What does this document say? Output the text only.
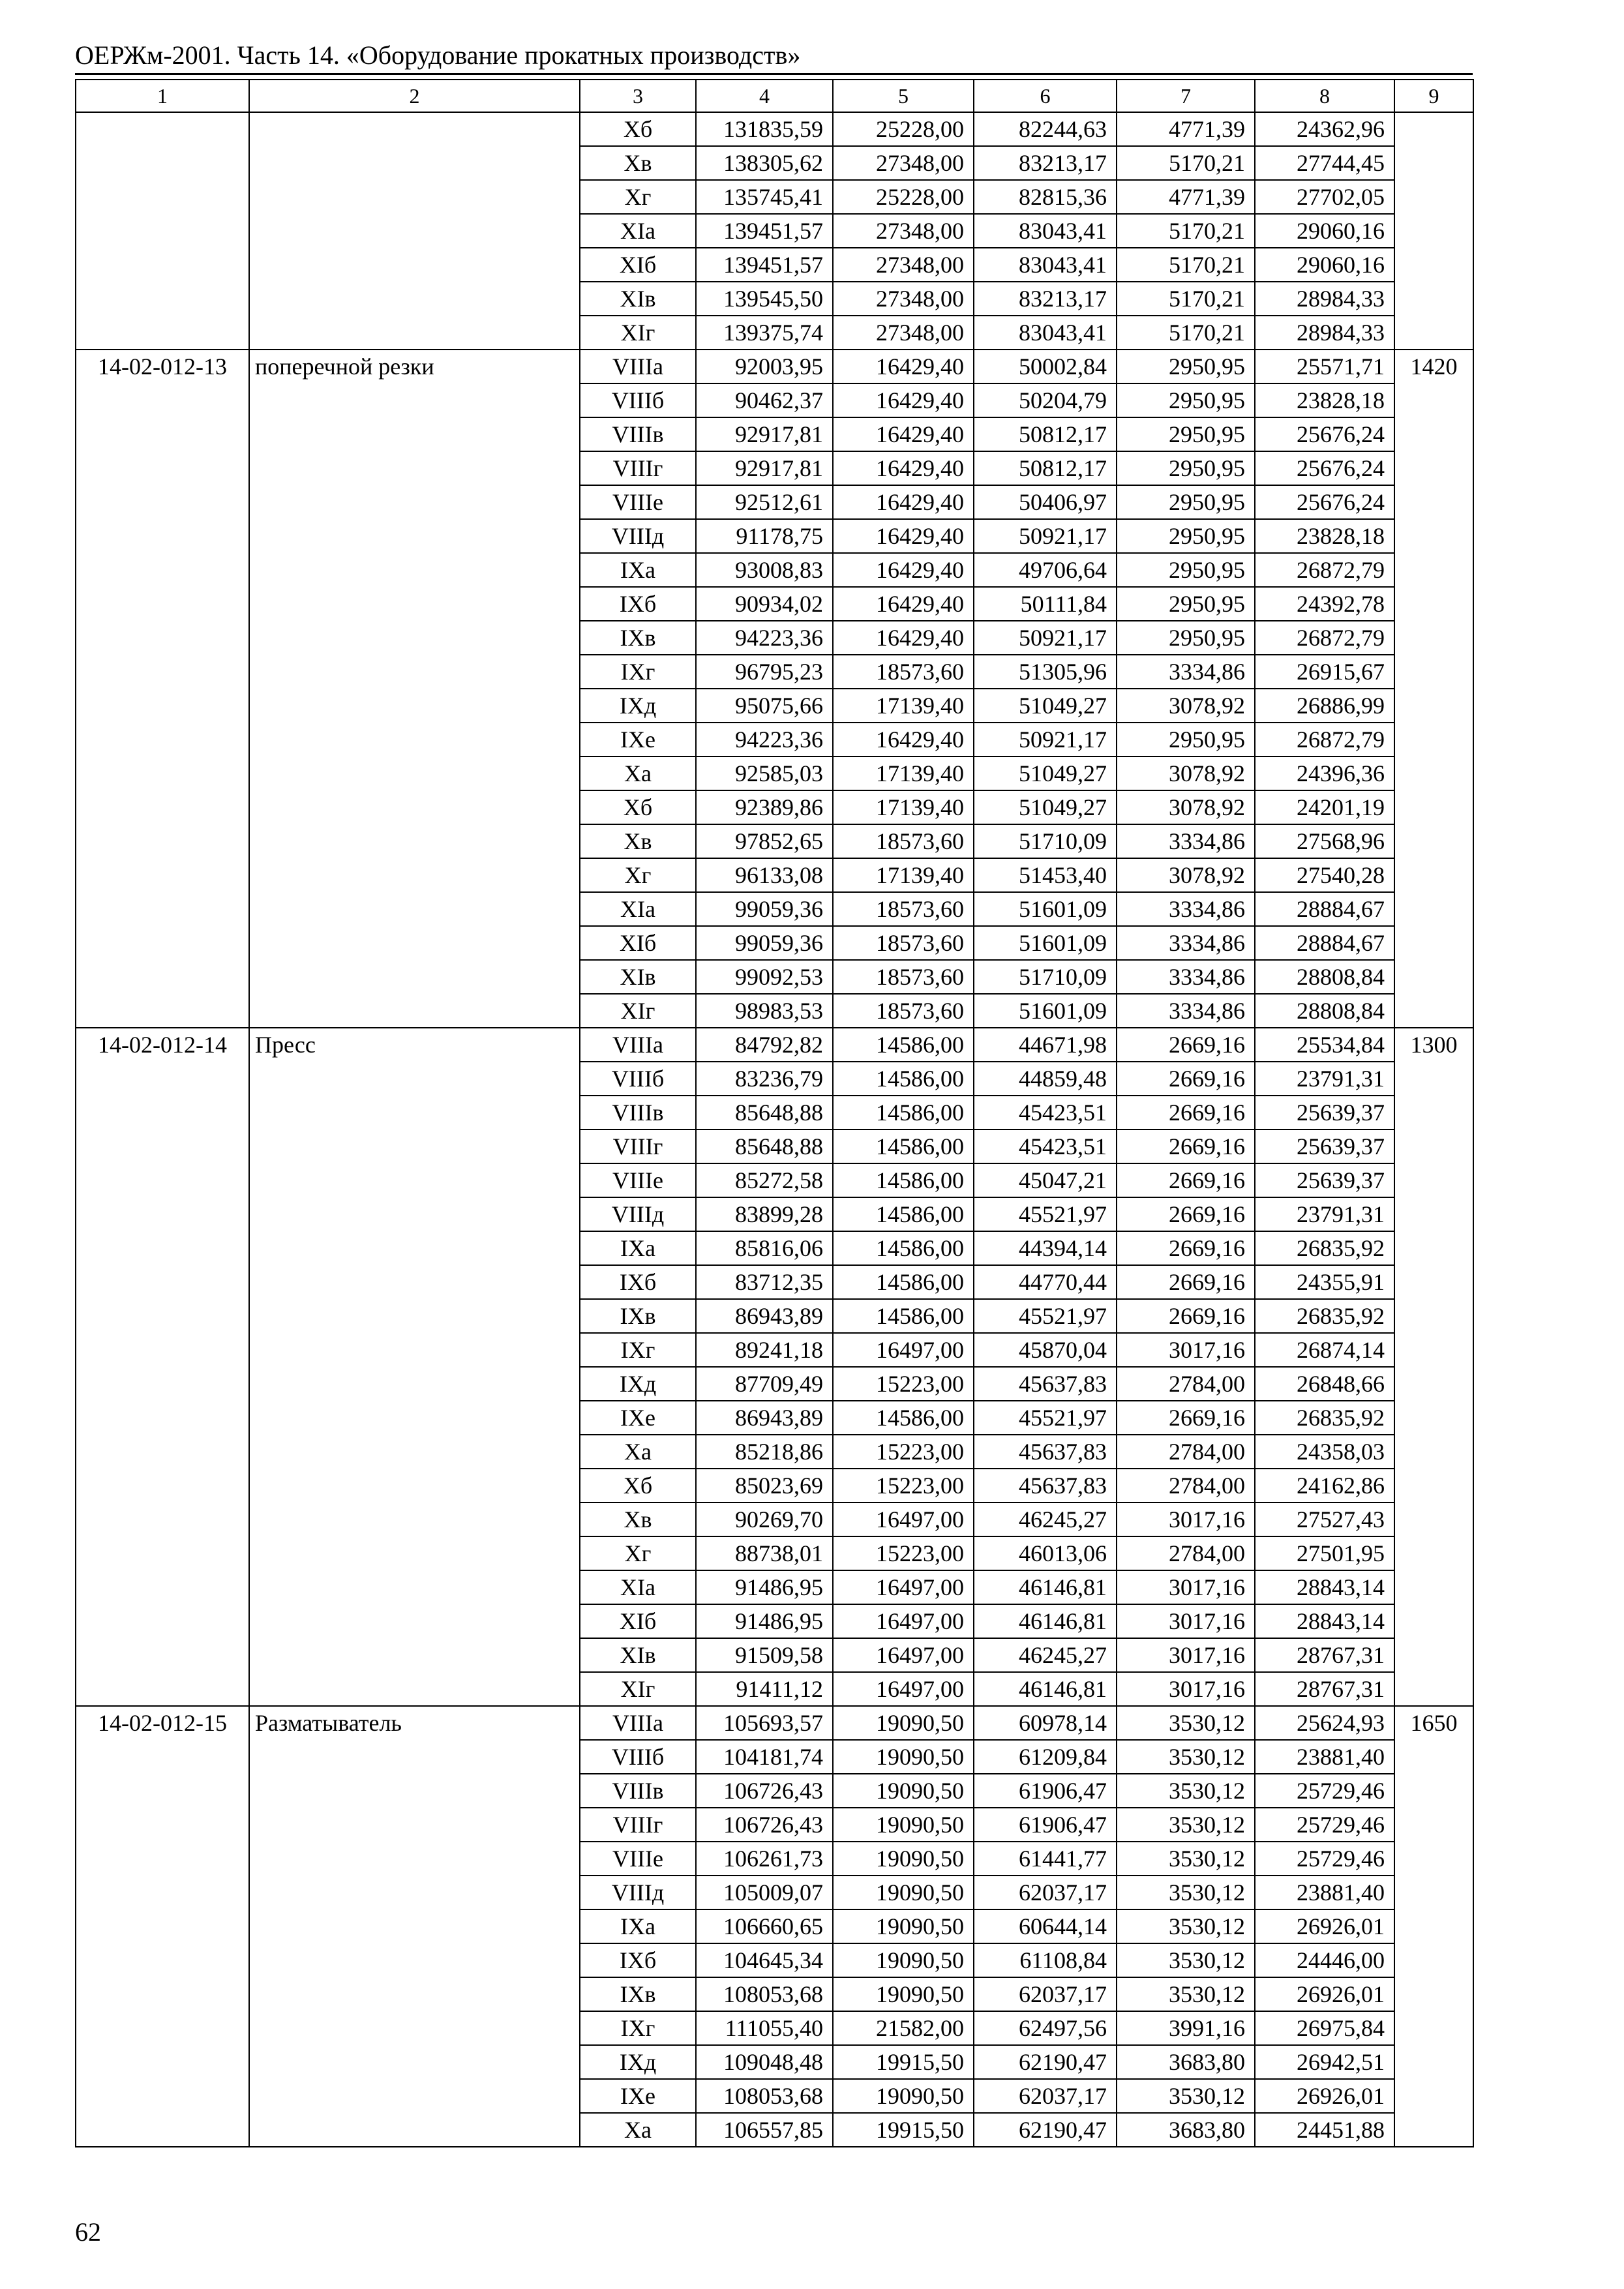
ОЕРЖм-2001. Часть 14. «Оборудование прокатных производств»
1	2	3	4	5	6	7	8	9
		Xб	131835,59	25228,00	82244,63	4771,39	24362,96	
		Xв	138305,62	27348,00	83213,17	5170,21	27744,45	
		Xг	135745,41	25228,00	82815,36	4771,39	27702,05	
		XIa	139451,57	27348,00	83043,41	5170,21	29060,16	
		XIб	139451,57	27348,00	83043,41	5170,21	29060,16	
		XIв	139545,50	27348,00	83213,17	5170,21	28984,33	
		XIг	139375,74	27348,00	83043,41	5170,21	28984,33	
14-02-012-13	поперечной резки	VIIIa	92003,95	16429,40	50002,84	2950,95	25571,71	1420
		VIIIб	90462,37	16429,40	50204,79	2950,95	23828,18	
		VIIIв	92917,81	16429,40	50812,17	2950,95	25676,24	
		VIIIг	92917,81	16429,40	50812,17	2950,95	25676,24	
		VIIIe	92512,61	16429,40	50406,97	2950,95	25676,24	
		VIIIд	91178,75	16429,40	50921,17	2950,95	23828,18	
		IXa	93008,83	16429,40	49706,64	2950,95	26872,79	
		IXб	90934,02	16429,40	50111,84	2950,95	24392,78	
		IXв	94223,36	16429,40	50921,17	2950,95	26872,79	
		IXг	96795,23	18573,60	51305,96	3334,86	26915,67	
		IXд	95075,66	17139,40	51049,27	3078,92	26886,99	
		IXe	94223,36	16429,40	50921,17	2950,95	26872,79	
		Xa	92585,03	17139,40	51049,27	3078,92	24396,36	
		Xб	92389,86	17139,40	51049,27	3078,92	24201,19	
		Xв	97852,65	18573,60	51710,09	3334,86	27568,96	
		Xг	96133,08	17139,40	51453,40	3078,92	27540,28	
		XIa	99059,36	18573,60	51601,09	3334,86	28884,67	
		XIб	99059,36	18573,60	51601,09	3334,86	28884,67	
		XIв	99092,53	18573,60	51710,09	3334,86	28808,84	
		XIг	98983,53	18573,60	51601,09	3334,86	28808,84	
14-02-012-14	Пресс	VIIIa	84792,82	14586,00	44671,98	2669,16	25534,84	1300
		VIIIб	83236,79	14586,00	44859,48	2669,16	23791,31	
		VIIIв	85648,88	14586,00	45423,51	2669,16	25639,37	
		VIIIг	85648,88	14586,00	45423,51	2669,16	25639,37	
		VIIIe	85272,58	14586,00	45047,21	2669,16	25639,37	
		VIIIд	83899,28	14586,00	45521,97	2669,16	23791,31	
		IXa	85816,06	14586,00	44394,14	2669,16	26835,92	
		IXб	83712,35	14586,00	44770,44	2669,16	24355,91	
		IXв	86943,89	14586,00	45521,97	2669,16	26835,92	
		IXг	89241,18	16497,00	45870,04	3017,16	26874,14	
		IXд	87709,49	15223,00	45637,83	2784,00	26848,66	
		IXe	86943,89	14586,00	45521,97	2669,16	26835,92	
		Xa	85218,86	15223,00	45637,83	2784,00	24358,03	
		Xб	85023,69	15223,00	45637,83	2784,00	24162,86	
		Xв	90269,70	16497,00	46245,27	3017,16	27527,43	
		Xг	88738,01	15223,00	46013,06	2784,00	27501,95	
		XIa	91486,95	16497,00	46146,81	3017,16	28843,14	
		XIб	91486,95	16497,00	46146,81	3017,16	28843,14	
		XIв	91509,58	16497,00	46245,27	3017,16	28767,31	
		XIг	91411,12	16497,00	46146,81	3017,16	28767,31	
14-02-012-15	Разматыватель	VIIIa	105693,57	19090,50	60978,14	3530,12	25624,93	1650
		VIIIб	104181,74	19090,50	61209,84	3530,12	23881,40	
		VIIIв	106726,43	19090,50	61906,47	3530,12	25729,46	
		VIIIг	106726,43	19090,50	61906,47	3530,12	25729,46	
		VIIIe	106261,73	19090,50	61441,77	3530,12	25729,46	
		VIIIд	105009,07	19090,50	62037,17	3530,12	23881,40	
		IXa	106660,65	19090,50	60644,14	3530,12	26926,01	
		IXб	104645,34	19090,50	61108,84	3530,12	24446,00	
		IXв	108053,68	19090,50	62037,17	3530,12	26926,01	
		IXг	111055,40	21582,00	62497,56	3991,16	26975,84	
		IXд	109048,48	19915,50	62190,47	3683,80	26942,51	
		IXe	108053,68	19090,50	62037,17	3530,12	26926,01	
		Xa	106557,85	19915,50	62190,47	3683,80	24451,88	
62
